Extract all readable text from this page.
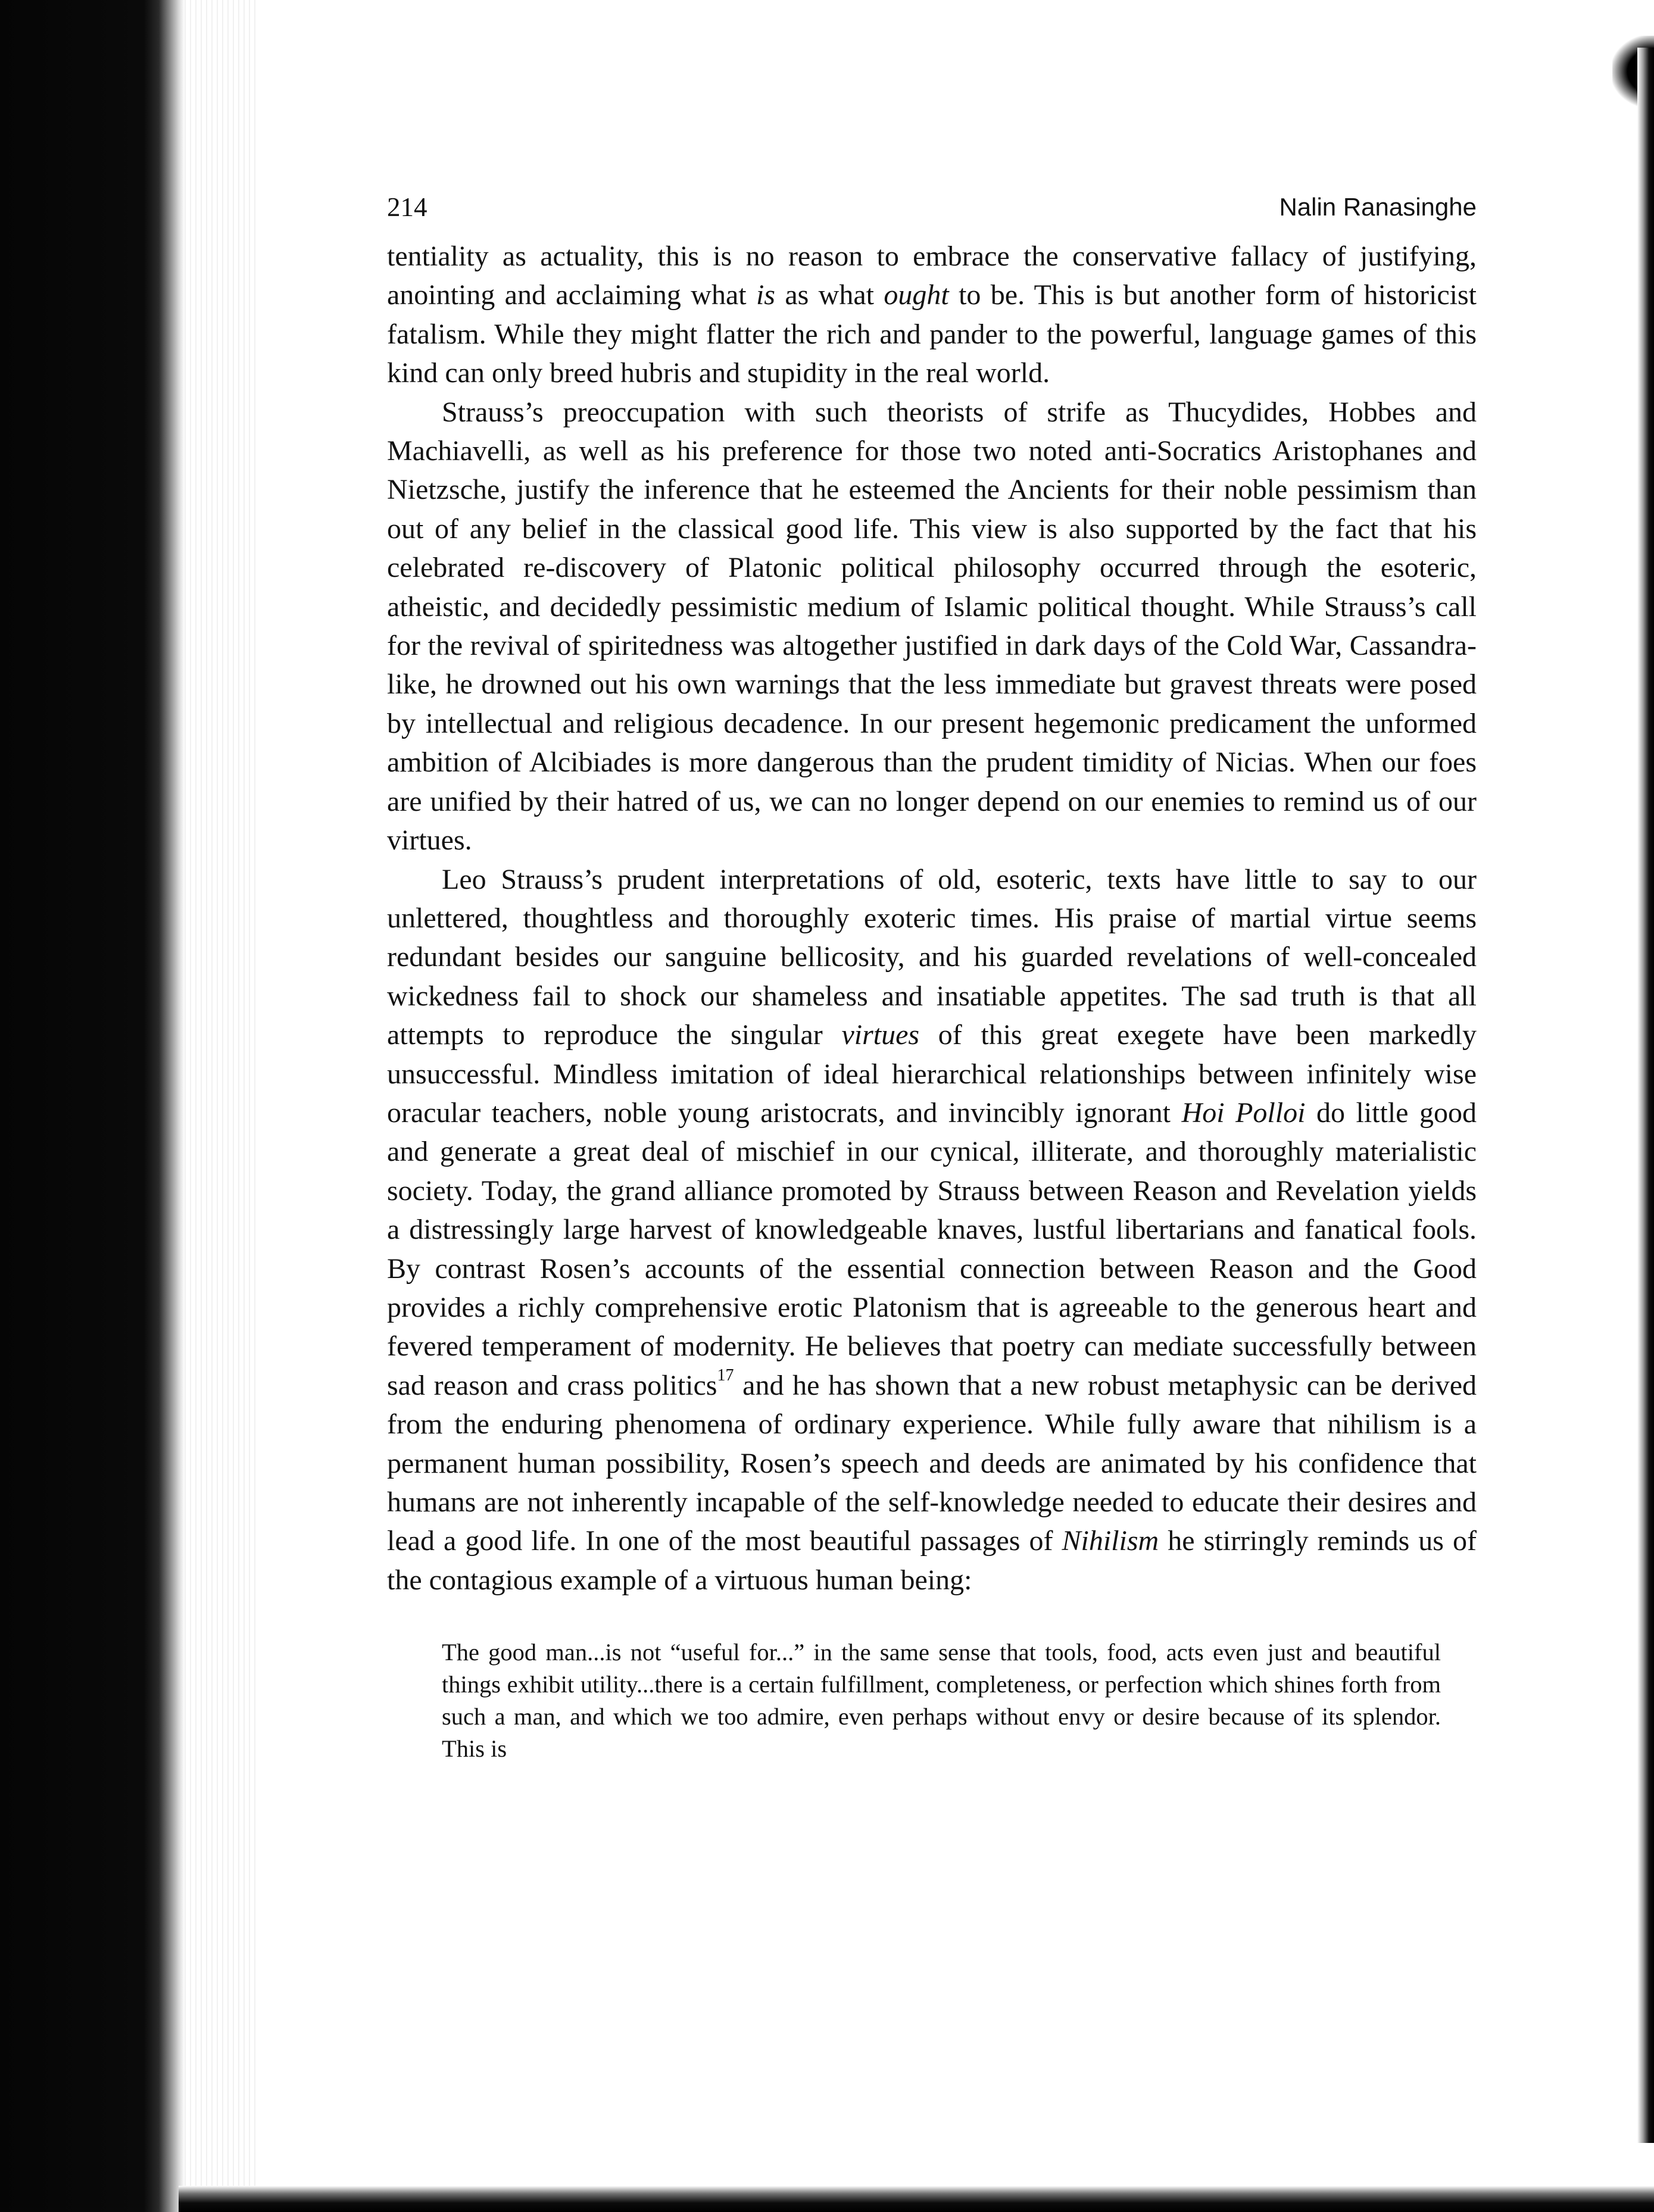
214	Nalin Ranasinghe

tentiality as actuality, this is no reason to embrace the conservative fallacy of justifying, anointing and acclaiming what is as what ought to be. This is but another form of historicist fatalism. While they might flatter the rich and pander to the powerful, language games of this kind can only breed hubris and stupidity in the real world.

Strauss’s preoccupation with such theorists of strife as Thucydides, Hobbes and Machiavelli, as well as his preference for those two noted anti-Socratics Aristophanes and Nietzsche, justify the inference that he esteemed the Ancients for their noble pessimism than out of any belief in the classical good life. This view is also supported by the fact that his celebrated re-discovery of Platonic political philosophy occurred through the esoteric, atheistic, and decidedly pessimistic medium of Islamic political thought. While Strauss’s call for the revival of spiritedness was altogether justified in dark days of the Cold War, Cassandra-like, he drowned out his own warnings that the less immediate but gravest threats were posed by intellectual and religious decadence. In our present hegemonic predicament the unformed ambition of Alcibiades is more dangerous than the prudent timidity of Nicias. When our foes are unified by their hatred of us, we can no longer depend on our enemies to remind us of our virtues.

Leo Strauss’s prudent interpretations of old, esoteric, texts have little to say to our unlettered, thoughtless and thoroughly exoteric times. His praise of martial virtue seems redundant besides our sanguine bellicosity, and his guarded revelations of well-concealed wickedness fail to shock our shameless and insatiable appetites. The sad truth is that all attempts to reproduce the singular virtues of this great exegete have been markedly unsuccessful. Mindless imitation of ideal hierarchical relationships between infinitely wise oracular teachers, noble young aristocrats, and invincibly ignorant Hoi Polloi do little good and generate a great deal of mischief in our cynical, illiterate, and thoroughly materialistic society. Today, the grand alliance promoted by Strauss between Reason and Revelation yields a distressingly large harvest of knowledgeable knaves, lustful libertarians and fanatical fools. By contrast Rosen’s accounts of the essential connection between Reason and the Good provides a richly comprehensive erotic Platonism that is agreeable to the generous heart and fevered temperament of modernity. He believes that poetry can mediate successfully between sad reason and crass politics$^{17}$ and he has shown that a new robust metaphysic can be derived from the enduring phenomena of ordinary experience. While fully aware that nihilism is a permanent human possibility, Rosen’s speech and deeds are animated by his confidence that humans are not inherently incapable of the self-knowledge needed to educate their desires and lead a good life. In one of the most beautiful passages of Nihilism he stirringly reminds us of the contagious example of a virtuous human being:

The good man...is not “useful for...” in the same sense that tools, food, acts even just and beautiful things exhibit utility...there is a certain fulfillment, completeness, or perfection which shines forth from such a man, and which we too admire, even perhaps without envy or desire because of its splendor. This is
